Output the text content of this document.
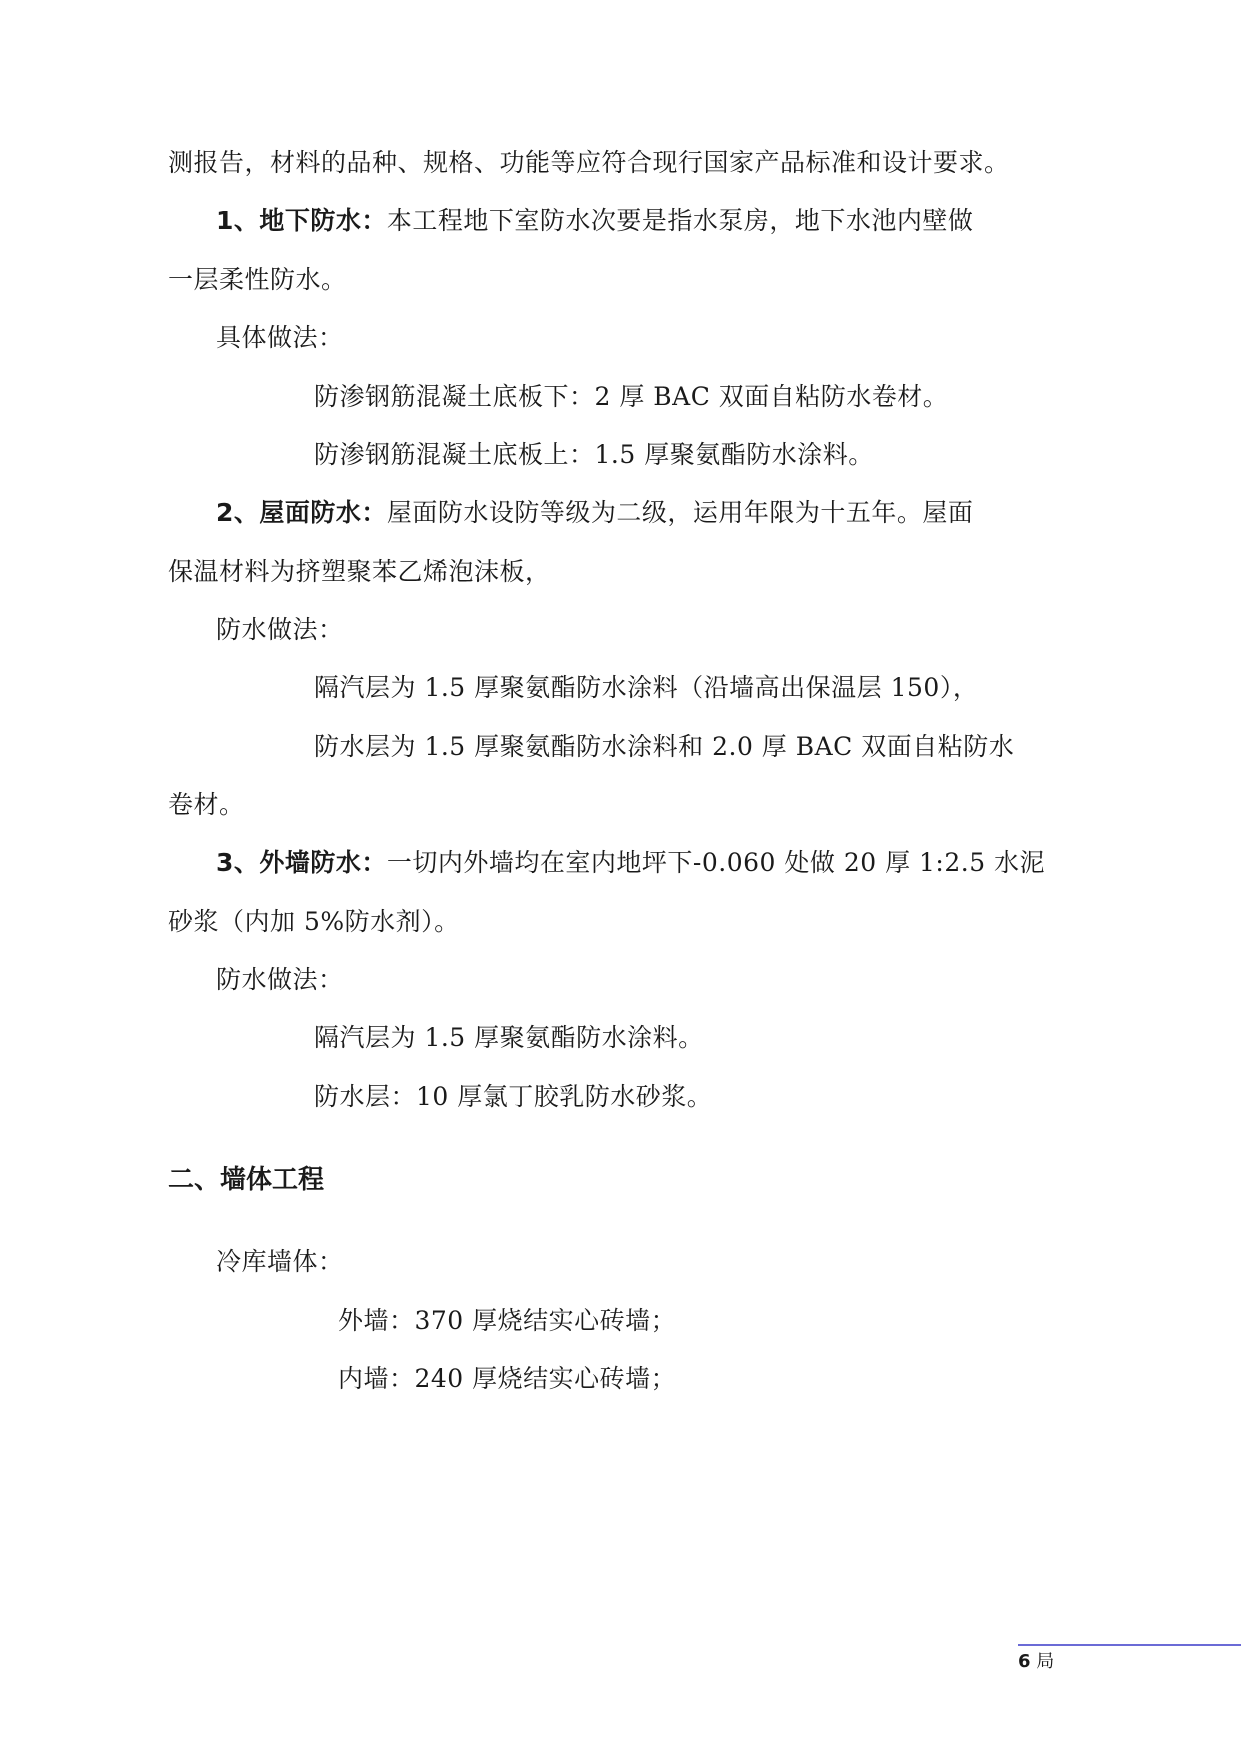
测报告，材料的品种、规格、功能等应符合现行国家产品标准和设计要求。
1、地下防水：本工程地下室防水次要是指水泵房，地下水池内壁做
一层柔性防水。
具体做法：
防渗钢筋混凝土底板下：2 厚 BAC 双面自粘防水卷材。
防渗钢筋混凝土底板上：1.5 厚聚氨酯防水涂料。
2、屋面防水：屋面防水设防等级为二级，运用年限为十五年。屋面
保温材料为挤塑聚苯乙烯泡沫板，
防水做法：
隔汽层为 1.5 厚聚氨酯防水涂料（沿墙高出保温层 150），
防水层为 1.5 厚聚氨酯防水涂料和 2.0 厚 BAC 双面自粘防水
卷材。
3、外墙防水：一切内外墙均在室内地坪下-0.060 处做 20 厚 1:2.5 水泥
砂浆（内加 5%防水剂）。
防水做法：
隔汽层为 1.5 厚聚氨酯防水涂料。
防水层：10 厚氯丁胶乳防水砂浆。
二、墙体工程
冷库墙体：
外墙：370 厚烧结实心砖墙；
内墙：240 厚烧结实心砖墙；
6 局
